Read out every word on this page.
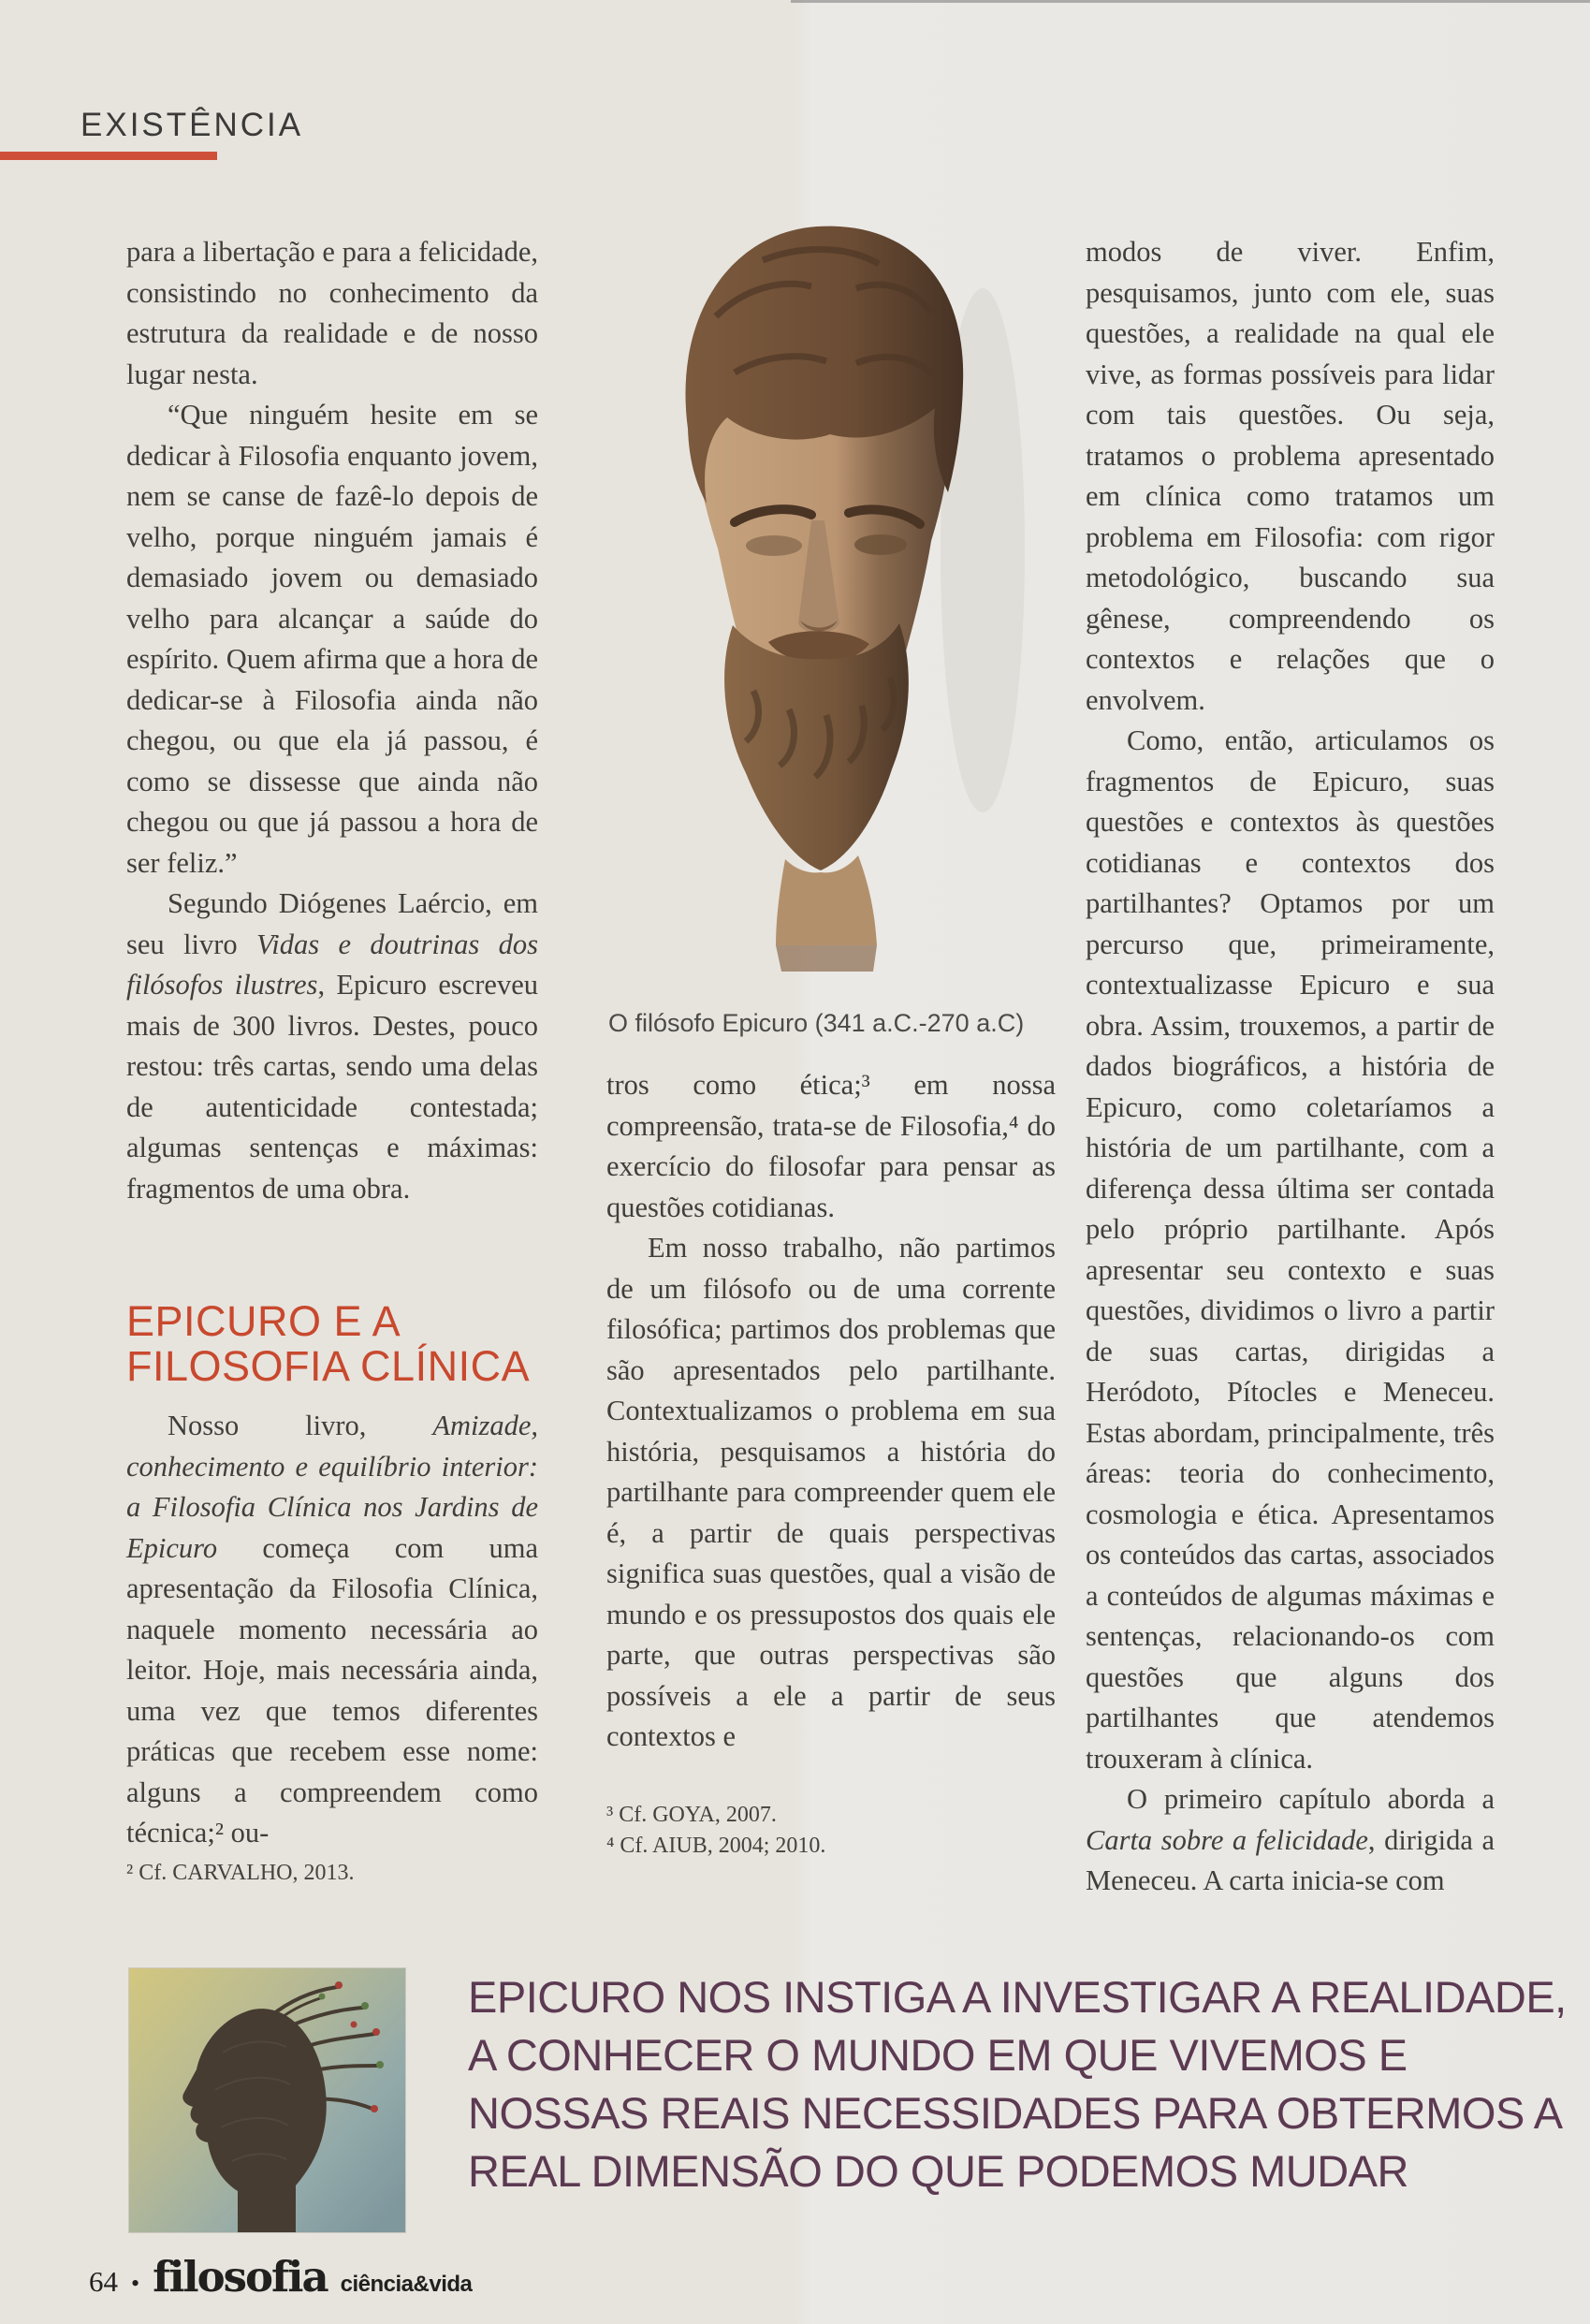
EXISTÊNCIA
O filósofo Epicuro (341 a.C.-270 a.C)

para a libertação e para a felicidade, consistindo no conhecimento da estrutura da realidade e de nosso lugar nesta.

“Que ninguém hesite em se dedicar à Filosofia enquanto jovem, nem se canse de fazê-lo depois de velho, porque ninguém jamais é demasiado jovem ou demasiado velho para alcançar a saúde do espírito. Quem afirma que a hora de dedicar-se à Filosofia ainda não chegou, ou que ela já passou, é como se dissesse que ainda não chegou ou que já passou a hora de ser feliz.”

Segundo Diógenes Laércio, em seu livro Vidas e doutrinas dos filósofos ilustres, Epicuro escreveu mais de 300 livros. Destes, pouco restou: três cartas, sendo uma delas de autenticidade contestada; algumas sentenças e máximas: fragmentos de uma obra.

EPICURO E A
FILOSOFIA CLÍNICA

Nosso livro, Amizade, conhecimento e equilíbrio interior: a Filosofia Clínica nos Jardins de Epicuro começa com uma apresentação da Filosofia Clínica, naquele momento necessária ao leitor. Hoje, mais necessária ainda, uma vez que temos diferentes práticas que recebem esse nome: alguns a compreendem como técnica;² ou-

tros como ética;³ em nossa compreensão, trata-se de Filosofia,⁴ do exercício do filosofar para pensar as questões cotidianas.

Em nosso trabalho, não partimos de um filósofo ou de uma corrente filosófica; partimos dos problemas que são apresentados pelo partilhante. Contextualizamos o problema em sua história, pesquisamos a história do partilhante para compreender quem ele é, a partir de quais perspectivas significa suas questões, qual a visão de mundo e os pressupostos dos quais ele parte, que outras perspectivas são possíveis a ele a partir de seus contextos e

modos de viver. Enfim, pesquisamos, junto com ele, suas questões, a realidade na qual ele vive, as formas possíveis para lidar com tais questões. Ou seja, tratamos o problema apresentado em clínica como tratamos um problema em Filosofia: com rigor metodológico, buscando sua gênese, compreendendo os contextos e relações que o envolvem.

Como, então, articulamos os fragmentos de Epicuro, suas questões e contextos às questões cotidianas e contextos dos partilhantes? Optamos por um percurso que, primeiramente, contextualizasse Epicuro e sua obra. Assim, trouxemos, a partir de dados biográficos, a história de Epicuro, como coletaríamos a história de um partilhante, com a diferença dessa última ser contada pelo próprio partilhante. Após apresentar seu contexto e suas questões, dividimos o livro a partir de suas cartas, dirigidas a Heródoto, Pítocles e Meneceu. Estas abordam, principalmente, três áreas: teoria do conhecimento, cosmologia e ética. Apresentamos os conteúdos das cartas, associados a conteúdos de algumas máximas e sentenças, relacionando-os com questões que alguns dos partilhantes que atendemos trouxeram à clínica.

O primeiro capítulo aborda a Carta sobre a felicidade, dirigida a Meneceu. A carta inicia-se com

² Cf. CARVALHO, 2013.
³ Cf. GOYA, 2007.
⁴ Cf. AIUB, 2004; 2010.
EPICURO NOS INSTIGA A INVESTIGAR A REALIDADE,
A CONHECER O MUNDO EM QUE VIVEMOS E
NOSSAS REAIS NECESSIDADES PARA OBTERMOS A
REAL DIMENSÃO DO QUE PODEMOS MUDAR
64 • filosofia ciência&vida
